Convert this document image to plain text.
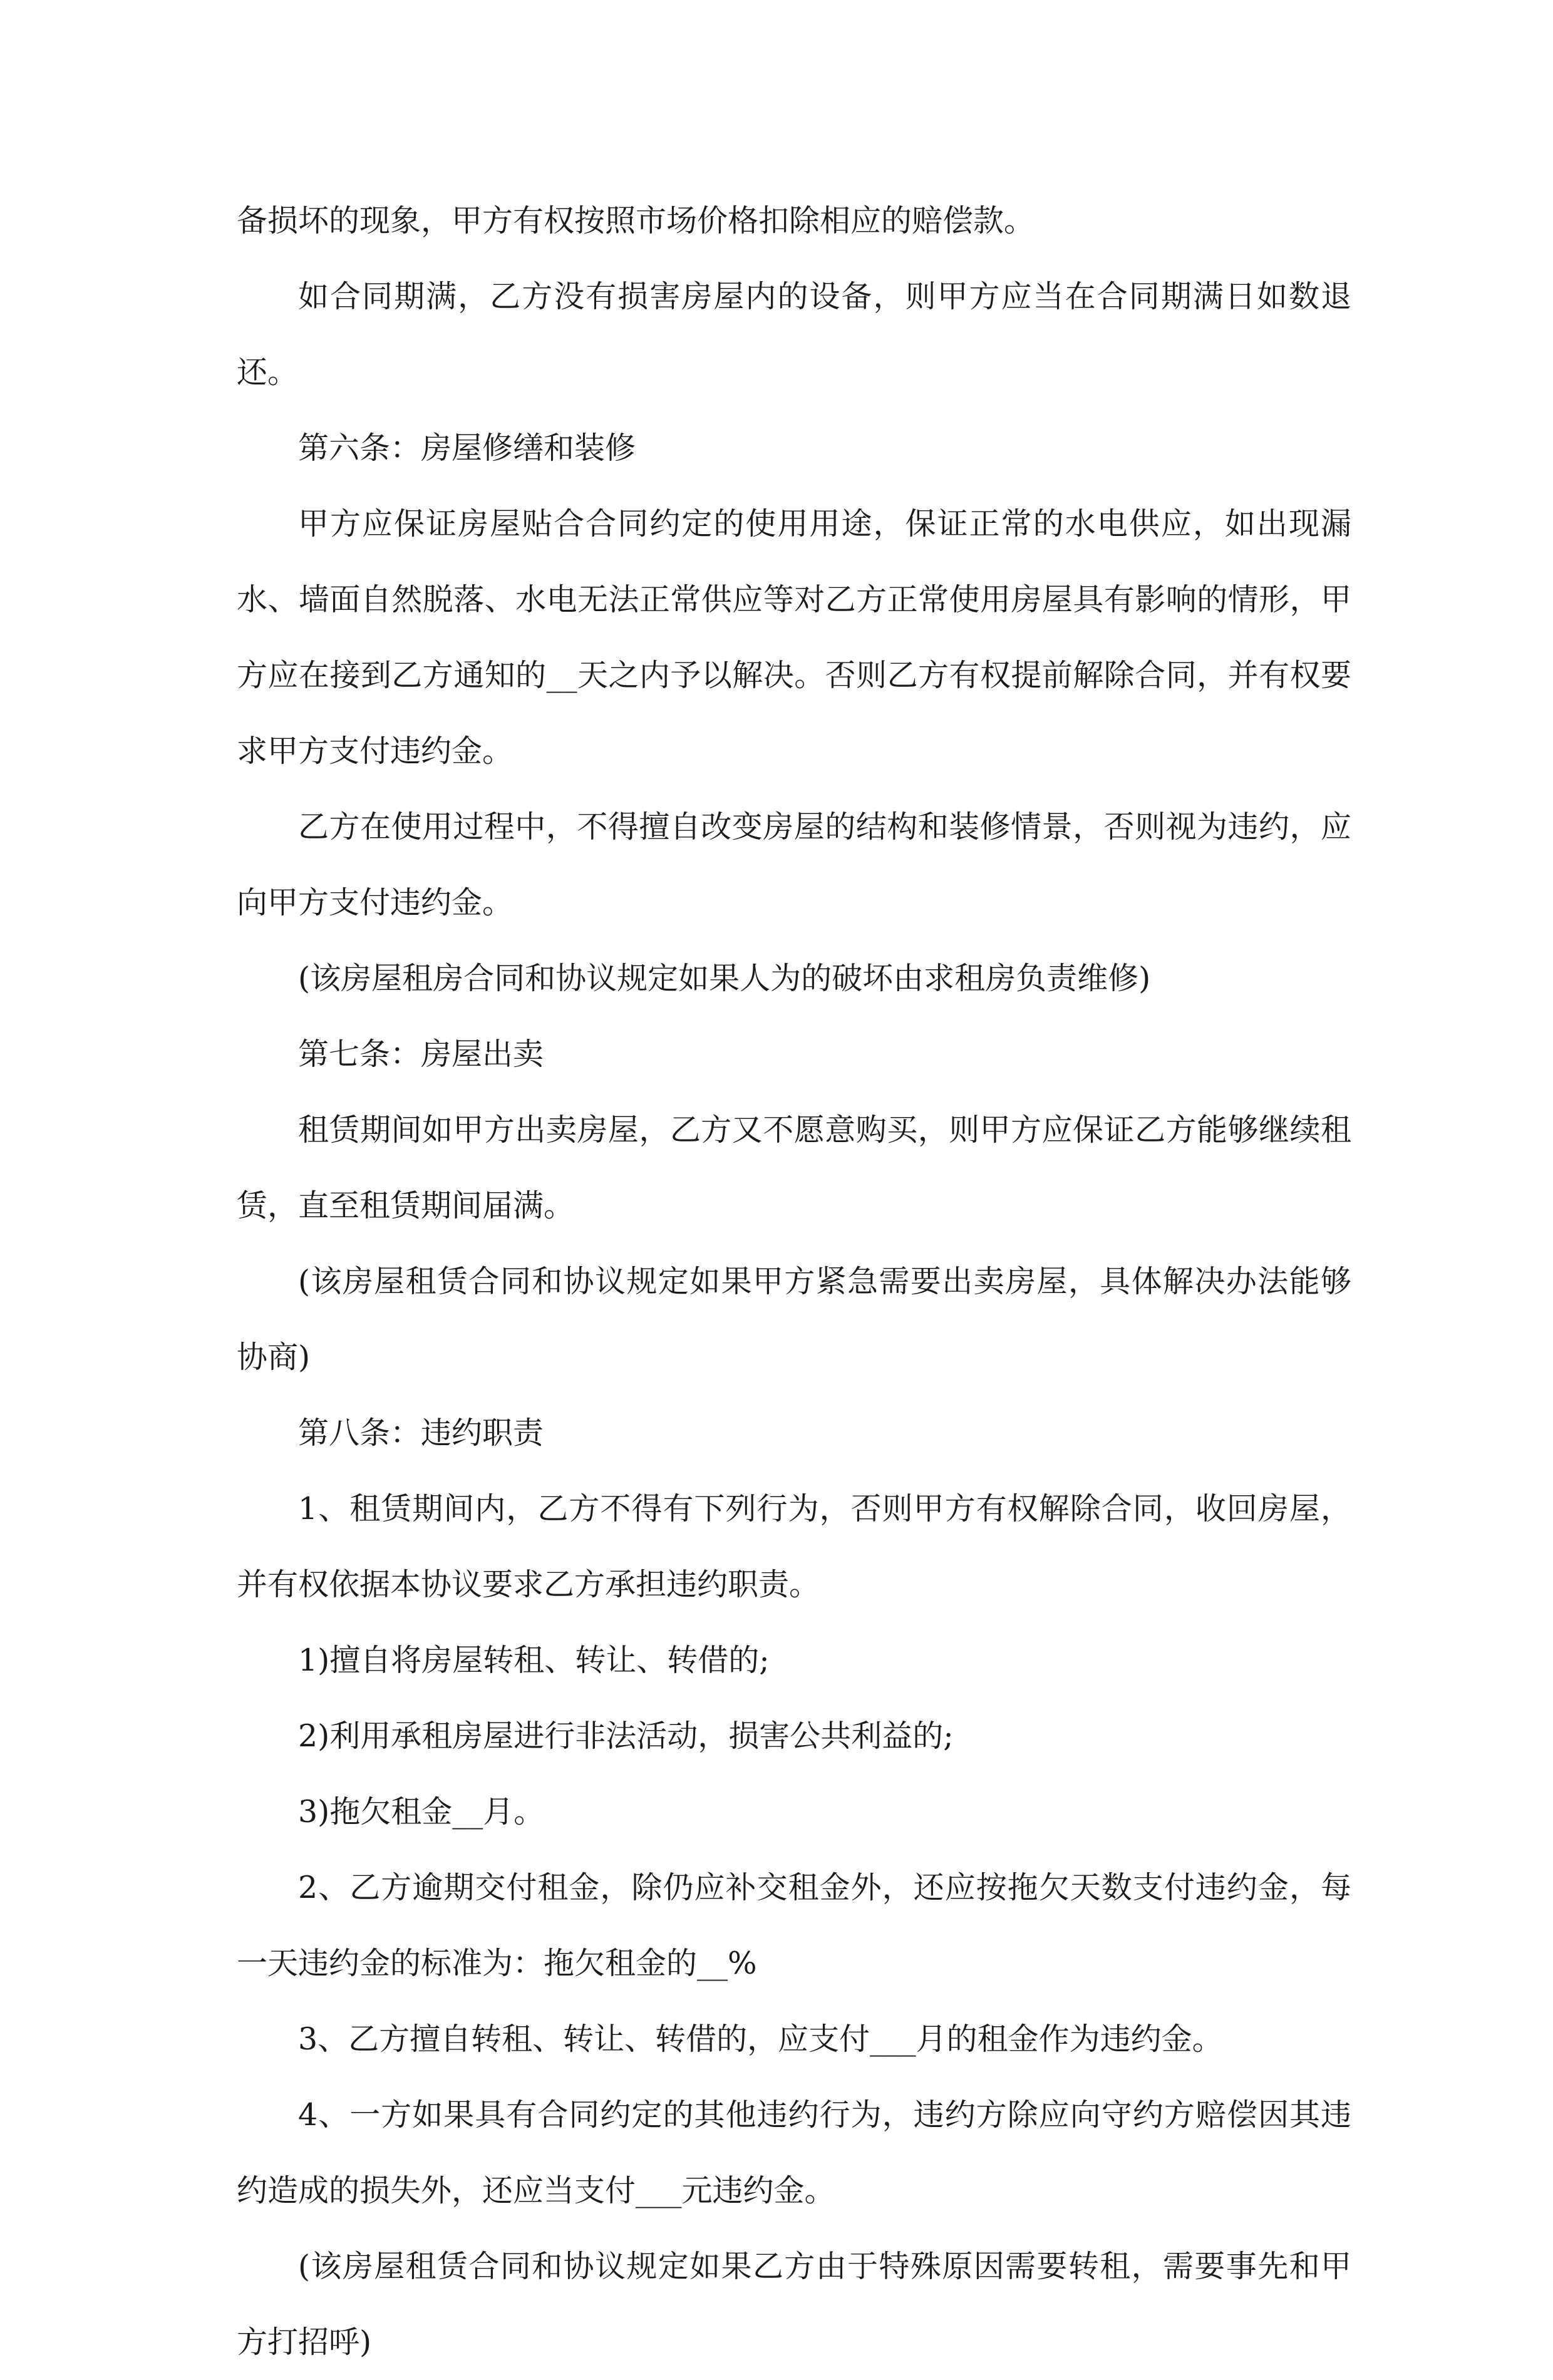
备损坏的现象，甲方有权按照市场价格扣除相应的赔偿款。

如合同期满，乙方没有损害房屋内的设备，则甲方应当在合同期满日如数退还。

第六条：房屋修缮和装修

甲方应保证房屋贴合合同约定的使用用途，保证正常的水电供应，如出现漏水、墙面自然脱落、水电无法正常供应等对乙方正常使用房屋具有影响的情形，甲方应在接到乙方通知的__天之内予以解决。否则乙方有权提前解除合同，并有权要求甲方支付违约金。

乙方在使用过程中，不得擅自改变房屋的结构和装修情景，否则视为违约，应向甲方支付违约金。

(该房屋租房合同和协议规定如果人为的破坏由求租房负责维修)

第七条：房屋出卖

租赁期间如甲方出卖房屋，乙方又不愿意购买，则甲方应保证乙方能够继续租赁，直至租赁期间届满。

(该房屋租赁合同和协议规定如果甲方紧急需要出卖房屋，具体解决办法能够协商)

第八条：违约职责

1、租赁期间内，乙方不得有下列行为，否则甲方有权解除合同，收回房屋，并有权依据本协议要求乙方承担违约职责。

1)擅自将房屋转租、转让、转借的;

2)利用承租房屋进行非法活动，损害公共利益的;

3)拖欠租金__月。

2、乙方逾期交付租金，除仍应补交租金外，还应按拖欠天数支付违约金，每一天违约金的标准为：拖欠租金的__%

3、乙方擅自转租、转让、转借的，应支付___月的租金作为违约金。

4、一方如果具有合同约定的其他违约行为，违约方除应向守约方赔偿因其违约造成的损失外，还应当支付___元违约金。

(该房屋租赁合同和协议规定如果乙方由于特殊原因需要转租，需要事先和甲方打招呼)
